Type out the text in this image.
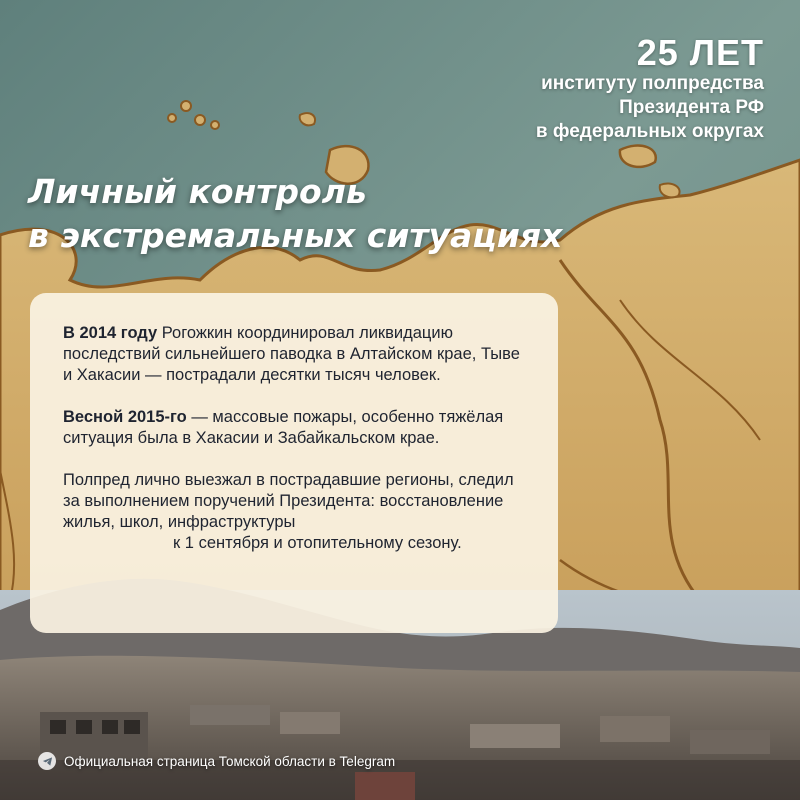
25 ЛЕТ
институту полпредства
Президента РФ
в федеральных округах
Личный контроль
в экстремальных ситуациях

В 2014 году Рогожкин координировал ликвидацию последствий сильнейшего паводка в Алтайском крае, Тыве и Хакасии — пострадали десятки тысяч человек.

Весной 2015-го — массовые пожары, особенно тяжёлая ситуация была в Хакасии и Забайкальском крае.

Полпред лично выезжал в пострадавшие регионы, следил за выполнением поручений Президента: восстановление жилья, школ, инфраструктуры
к 1 сентября и отопительному сезону.

Официальная страница Томской области в Telegram
